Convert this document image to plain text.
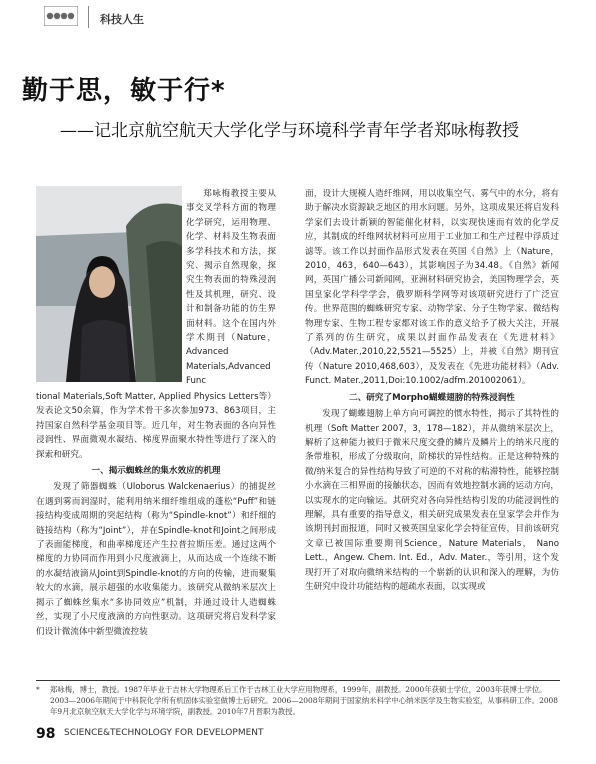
科技人生
勤于思，敏于行*
——记北京航空航天大学化学与环境科学青年学者郑咏梅教授

郑咏梅教授主要从事交叉学科方面的物理化学研究，运用物理、化学、材料及生物表面多学科技术和方法，探究、揭示自然现象，探究生物表面的特殊浸润性及其机理，研究、设计和制备功能的仿生界面材料。这个在国内外学术期刊（Nature，Advanced Materials,Advanced Func

tional Materials,Soft Matter, Applied Physics Letters等）发表论文50余篇，作为学术骨干多次参加973、863项目，主持国家自然科学基金项目等。近几年，对生物表面的各向异性浸润性、界面微观水凝结、梯度界面聚水特性等进行了深入的探索和研究。

一、揭示蜘蛛丝的集水效应的机理

发现了筛器蜘蛛（Uloborus Walckenaerius）的捕捉丝在遇到雾而润湿时，能利用纳米细纤维组成的蓬松“Puff”和链接结构变成周期的突起结构（称为“Spindle-knot”）和纤细的链接结构（称为“Joint”），并在Spindle-knot和Joint之间形成了表面能梯度，和曲率梯度还产生拉普拉斯压差。通过这两个梯度的力协同而作用到小尺度液滴上，从而达成一个连续不断的水凝结液滴从Joint到Spindle-knot的方向的传输，进而聚集较大的水滴，展示超强的水收集能力。该研究从微纳米层次上揭示了蜘蛛丝集水“多协同效应”机制，并通过设计人造蜘蛛丝，实现了小尺度液滴的方向性驱动。这项研究将启发科学家们设计微流体中新型微流控装

面，设计大规模人造纤维网，用以收集空气、雾气中的水分，将有助于解决水资源缺乏地区的用水问题。另外，这项成果还将启发科学家们去设计新颖的智能催化材料，以实现快速而有效的化学反应，其制成的纤维网状材料可应用于工业加工和生产过程中浮质过滤等。该工作以封面作品形式发表在英国《自然》上（Nature，2010，463，640—643），其影响因子为34.48。《自然》新闻网，英国广播公司新闻网，亚洲材料研究协会，美国物理学会，英国皇家化学科学学会，俄罗斯科学网等对该项研究进行了广泛宣传。世界范围的蜘蛛研究专家、动物学家、分子生物学家、微结构物理专家、生物工程专家都对该工作的意义给予了极大关注，开展了系列的仿生研究，成果以封面作品发表在《先进材料》（Adv.Mater.,2010,22,5521—5525）上，并被《自然》期刊宣传（Nature 2010,468,603），及发表在《先进功能材料》（Adv. Funct. Mater.,2011,Doi:10.1002/adfm.201002061）。

二、研究了Morpho蝴蝶翅膀的特殊浸润性

发现了蝴蝶翅膀上单方向可调控的惯水特性，揭示了其特性的机理（Soft Matter 2007，3，178—182），并从微纳米层次上，解析了这种能力被归于微米尺度交叠的鳞片及鳞片上的纳米尺度的条带堆积，形成了分级取向，阶梯状的异性结构。正是这种特殊的微/纳米复合的异性结构导致了可逆的不对称的粘滞特性，能够控制小水滴在三相界面的接触状态，因而有效地控制水滴的运动方向，以实现水的定向输运。其研究对各向异性结构引发的功能浸润性的理解，具有重要的指导意义，相关研究成果发表在皇家学会并作为该期刊封面报道，同时又被英国皇家化学会特征宣传，目前该研究文章已被国际重要期刊Science，Nature Materials， Nano Lett.，Angew. Chem. Int. Ed.，Adv. Mater.，等引用，这个发现打开了对取向微纳米结构的一个崭新的认识和深入的理解，为仿生研究中设计功能结构的超疏水表面，以实现或

*	郑咏梅，博士，教授。1987年毕业于吉林大学物理系后工作于吉林工业大学应用物理系，1999年，副教授。2000年获硕士学位，2003年获博士学位。2003—2006年期间于中科院化学所有机固体实验室做博士后研究。2006—2008年期间于国家纳米科学中心纳米医学及生物实验室，从事科研工作。2008年9月北京航空航天大学化学与环境学院，副教授。2010年7月晋职为教授。
98 SCIENCE&TECHNOLOGY FOR DEVELOPMENT
